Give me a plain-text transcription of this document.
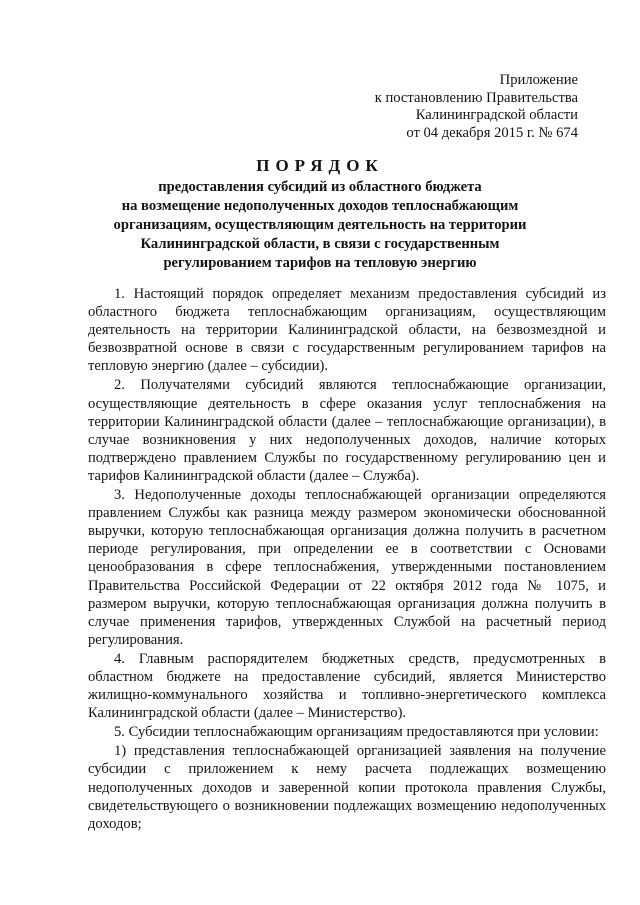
Приложение
к постановлению Правительства
Калининградской области
от 04 декабря 2015 г. № 674
ПОРЯДОК
предоставления субсидий из областного бюджета
на возмещение недополученных доходов теплоснабжающим
организациям, осуществляющим деятельность на территории
Калининградской области, в связи с государственным
регулированием тарифов на тепловую энергию

1. Настоящий порядок определяет механизм предоставления субсидий из областного бюджета теплоснабжающим организациям, осуществляющим деятельность на территории Калининградской области, на безвозмездной и безвозвратной основе в связи с государственным регулированием тарифов на тепловую энергию (далее – субсидии).

2. Получателями субсидий являются теплоснабжающие организации, осуществляющие деятельность в сфере оказания услуг теплоснабжения на территории Калининградской области (далее – теплоснабжающие организации), в случае возникновения у них недополученных доходов, наличие которых подтверждено правлением Службы по государственному регулированию цен и тарифов Калининградской области (далее – Служба).

3. Недополученные доходы теплоснабжающей организации определяются правлением Службы как разница между размером экономически обоснованной выручки, которую теплоснабжающая организация должна получить в расчетном периоде регулирования, при определении ее в соответствии с Основами ценообразования в сфере теплоснабжения, утвержденными постановлением Правительства Российской Федерации от 22 октября 2012 года № 1075, и размером выручки, которую теплоснабжающая организация должна получить в случае применения тарифов, утвержденных Службой на расчетный период регулирования.

4. Главным распорядителем бюджетных средств, предусмотренных в областном бюджете на предоставление субсидий, является Министерство жилищно-коммунального хозяйства и топливно-энергетического комплекса Калининградской области (далее – Министерство).

5. Субсидии теплоснабжающим организациям предоставляются при условии:

1) представления теплоснабжающей организацией заявления на получение субсидии с приложением к нему расчета подлежащих возмещению недополученных доходов и заверенной копии протокола правления Службы, свидетельствующего о возникновении подлежащих возмещению недополученных доходов;
